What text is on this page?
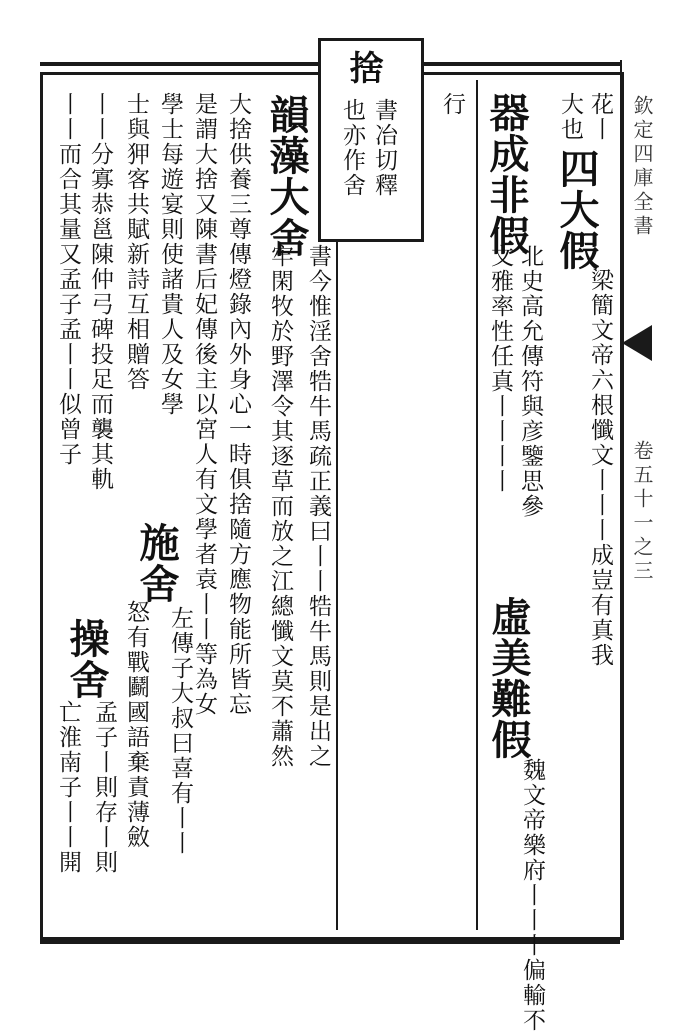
捨
書冶切釋
也亦作舍	欽定四庫全書
卷五十一之三
花丨
大也
四大假
梁簡文帝六根懺文丨丨丨成豈有真我
器成非假
北史高允傳符與彦鑒思參
文雅率性任真丨丨丨丨
虛美難假
魏文帝樂府丨丨丨偏輸不
行
韻藻大舍
書今惟淫舍牿牛馬疏正義曰丨丨牿牛馬則是出之
牢閑牧於野澤令其逐草而放之江總懺文莫不蕭然
大捨供養三尊傳燈錄內外身心一時俱捨隨方應物能所皆忘
是謂大捨又陳書后妃傳後主以宮人有文學者袁丨丨等為女
學士每遊宴則使諸貴人及女學
施舍
左傳子大叔曰喜有丨丨
士與狎客共賦新詩互相贈答
怒有戰鬬國語棄責薄斂
丨丨分寡恭邕陳仲弓碑投足而襲其軌
操舍
孟子丨則存丨則
丨丨而合其量又孟子孟丨丨似曾子
亡淮南子丨丨開
